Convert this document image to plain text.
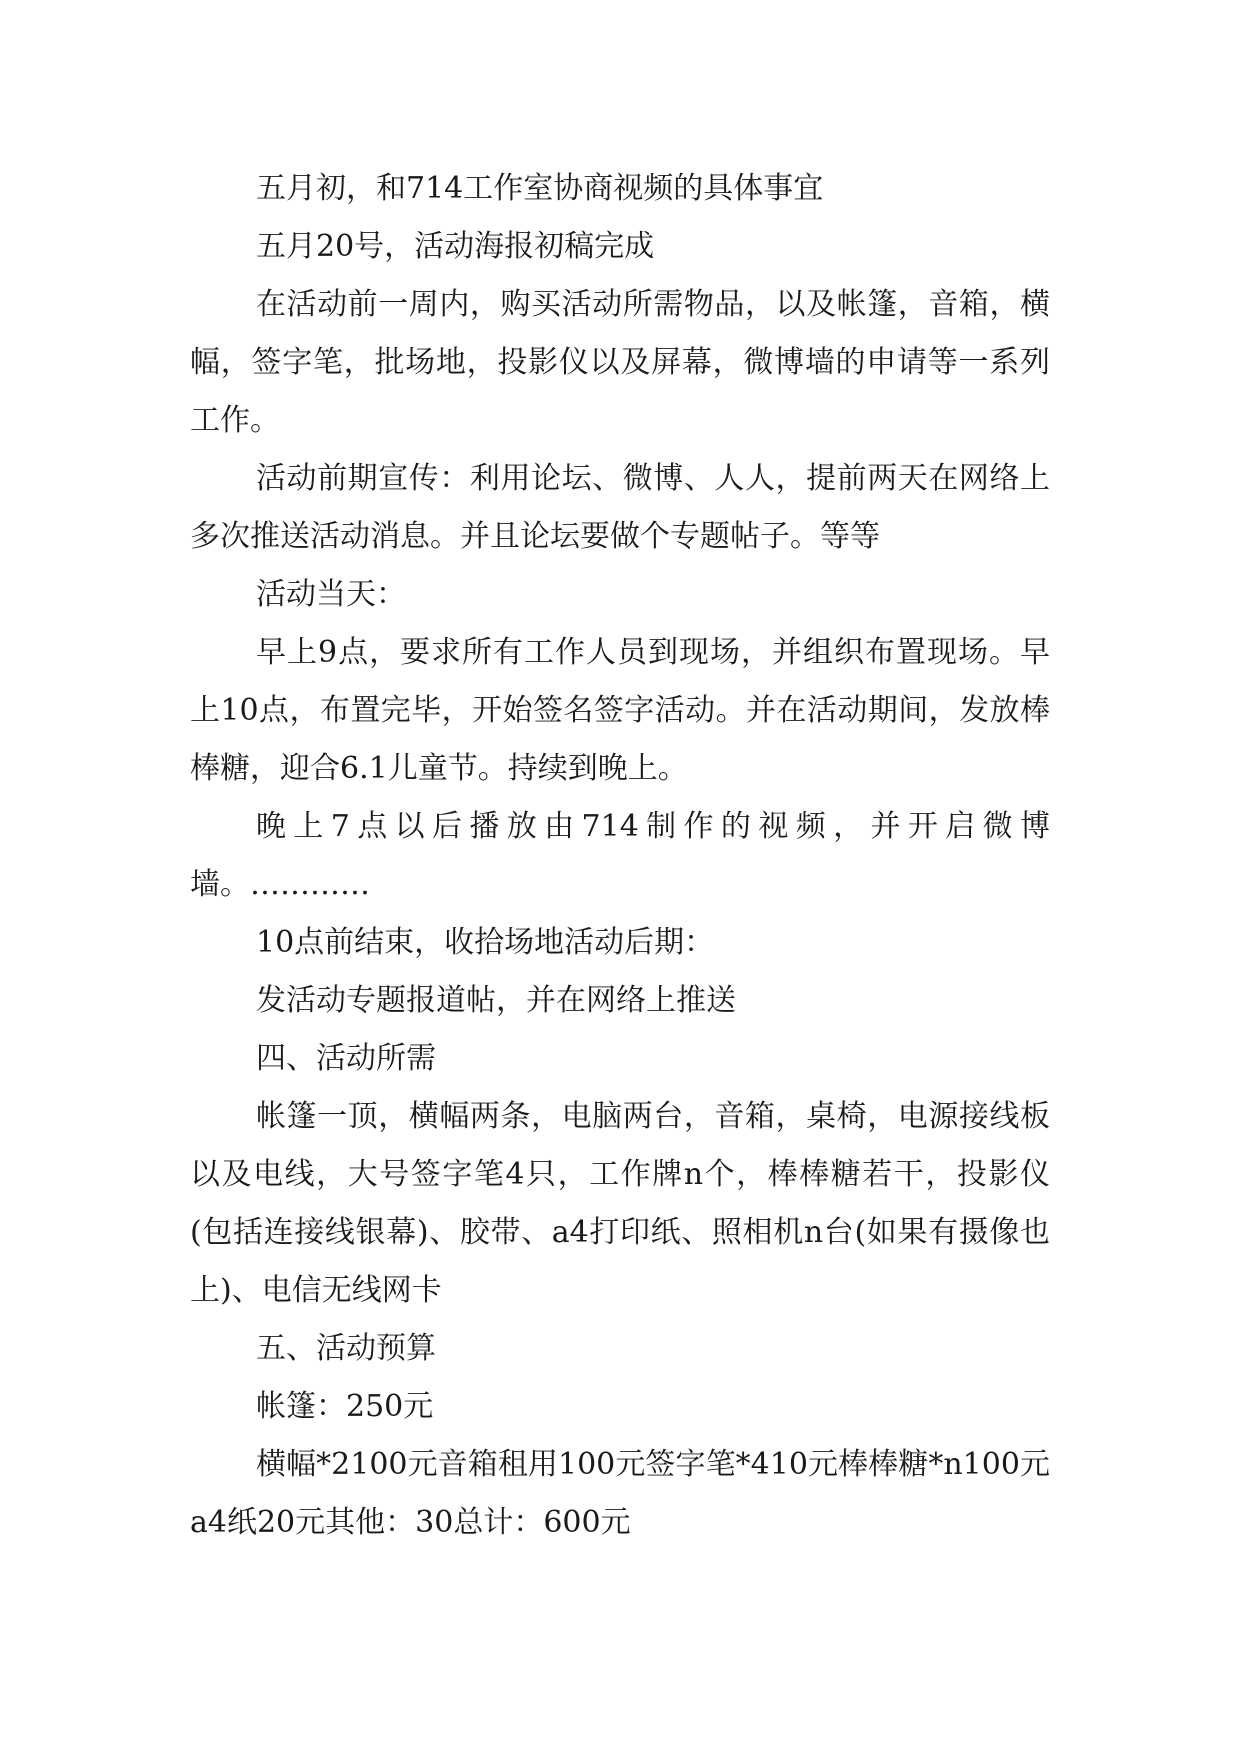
五月初，和714工作室协商视频的具体事宜

五月20号，活动海报初稿完成

在活动前一周内，购买活动所需物品，以及帐篷，音箱，横幅，签字笔，批场地，投影仪以及屏幕，微博墙的申请等一系列工作。

活动前期宣传：利用论坛、微博、人人，提前两天在网络上多次推送活动消息。并且论坛要做个专题帖子。等等

活动当天：

早上9点，要求所有工作人员到现场，并组织布置现场。早上10点，布置完毕，开始签名签字活动。并在活动期间，发放棒棒糖，迎合6.1儿童节。持续到晚上。

晚上7点以后播放由714制作的视频，并开启微博墙。…………

10点前结束，收拾场地活动后期：

发活动专题报道帖，并在网络上推送

四、活动所需

帐篷一顶，横幅两条，电脑两台，音箱，桌椅，电源接线板以及电线，大号签字笔4只，工作牌n个，棒棒糖若干，投影仪(包括连接线银幕)、胶带、a4打印纸、照相机n台(如果有摄像也上)、电信无线网卡

五、活动预算

帐篷：250元

横幅*2100元音箱租用100元签字笔*410元棒棒糖*n100元a4纸20元其他：30总计：600元
